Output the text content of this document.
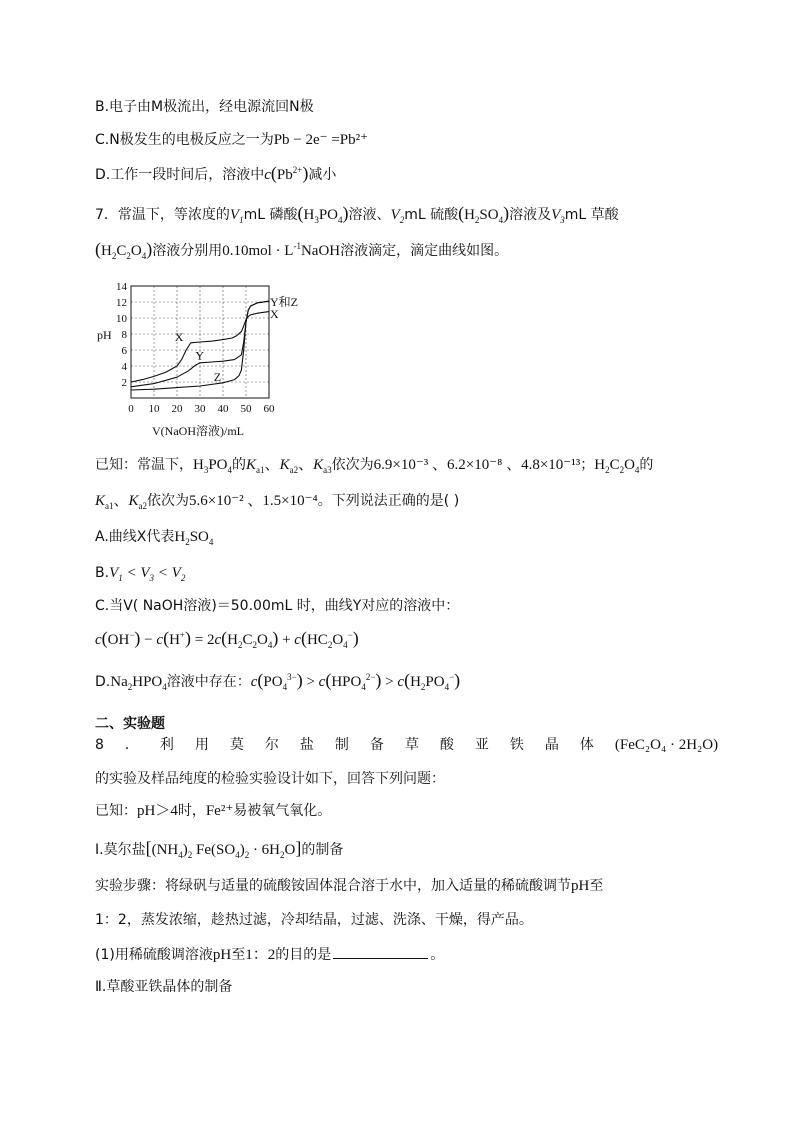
B.电子由M极流出，经电源流回N极
C.N极发生的电极反应之一为Pb − 2e⁻ =Pb²⁺
D.工作一段时间后，溶液中$c(Pb^{2+})$减小
7．常温下，等浓度的$V_1mL$ 磷酸$(H_3PO_4)$溶液、$V_2mL$ 硫酸$(H_2SO_4)$溶液及$V_3mL$ 草酸
$(H_2C_2O_4)$溶液分别用$0.10mol \cdot L^{-1}NaOH$溶液滴定，滴定曲线如图。
2
4
6
8
10
12
14
0 10 20 30 40 50 60
X
Y
Z
Y和Z
X
pH
V(NaOH溶液)/mL
已知：常温下，$H_3PO_4$的$K_{a1}$、$K_{a2}$、$K_{a3}$依次为6.9×10⁻³ 、6.2×10⁻⁸ 、4.8×10⁻¹³；$H_2C_2O_4$的
$K_{a1}$、$K_{a2}$依次为5.6×10⁻² 、1.5×10⁻⁴。下列说法正确的是( )
A.曲线X代表$H_2SO_4$
$B.V_1 < V_3 < V_2$
C.当V( NaOH溶液)＝50.00mL 时，曲线Y对应的溶液中：
$c(OH^-) - c(H^+) = 2c(H_2C_2O_4) + c(HC_2O_4^-)$
$D.Na_2HPO_4$溶液中存在：$c(PO_4^{3-}) > c(HPO_4^{2-}) > c(H_2PO_4^-)$
二、实验题
8．利用莫尔盐制备草酸亚铁晶体(FeC₂O₄ · 2H₂O)
的实验及样品纯度的检验实验设计如下，回答下列问题：
已知：pH＞4时，Fe²⁺易被氧气氧化。
Ⅰ.莫尔盐[$(NH_4)_2$ $Fe(SO_4)_2 \cdot 6H_2O$]的制备
实验步骤：将绿矾与适量的硫酸铵固体混合溶于水中，加入适量的稀硫酸调节pH至
1：2，蒸发浓缩，趁热过滤，冷却结晶，过滤、洗涤、干燥，得产品。
(1)用稀硫酸调溶液pH至1：2的目的是	。
Ⅱ.草酸亚铁晶体的制备
